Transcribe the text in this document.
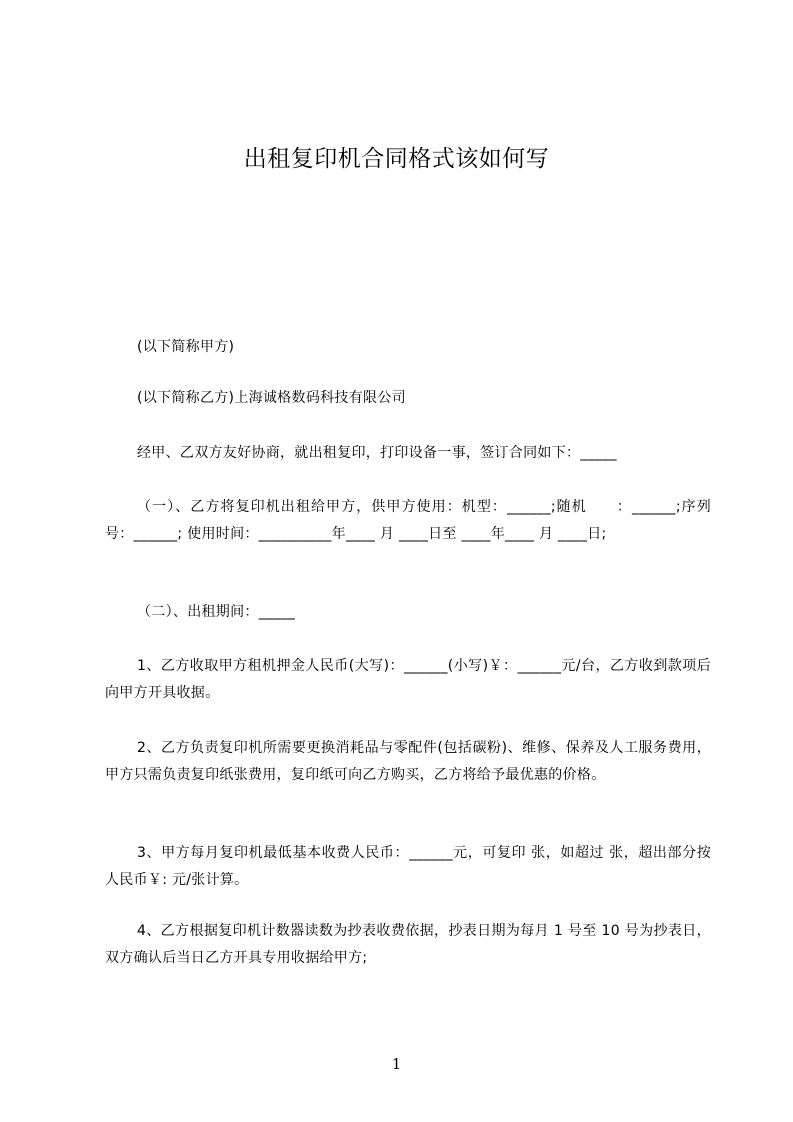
出租复印机合同格式该如何写

(以下简称甲方)

(以下简称乙方)上海诚格数码科技有限公司

经甲、乙双方友好协商，就出租复印，打印设备一事，签订合同如下：_____

（一）、乙方将复印机出租给甲方，供甲方使用：机型：______;随机　　：______;序列号：______; 使用时间：__________年____ 月 ____日至 ____年____ 月 ____日;

（二）、出租期间：_____

1、乙方收取甲方租机押金人民币(大写)：______(小写)￥：______元/台，乙方收到款项后向甲方开具收据。

2、乙方负责复印机所需要更换消耗品与零配件(包括碳粉)、维修、保养及人工服务费用，甲方只需负责复印纸张费用，复印纸可向乙方购买，乙方将给予最优惠的价格。

3、甲方每月复印机最低基本收费人民币：______元，可复印 张，如超过 张，超出部分按人民币￥: 元/张计算。

4、乙方根据复印机计数器读数为抄表收费依据，抄表日期为每月 1 号至 10 号为抄表日，双方确认后当日乙方开具专用收据给甲方;

1
